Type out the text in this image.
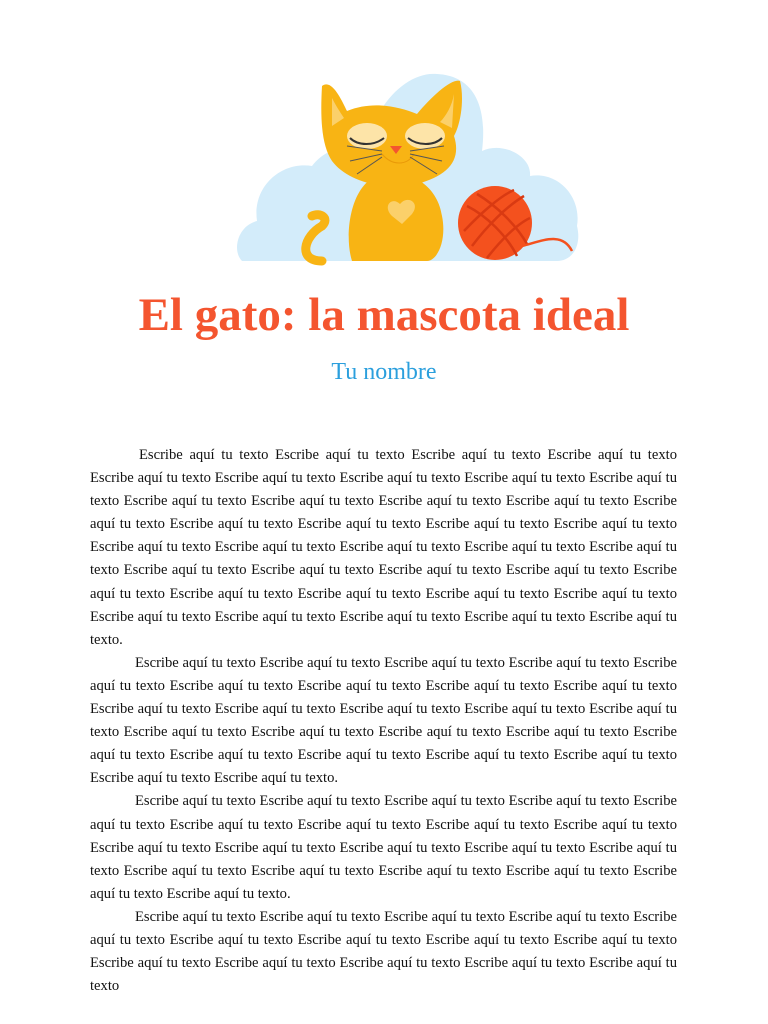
El gato: la mascota ideal
Tu nombre

Escribe aquí tu texto Escribe aquí tu texto Escribe aquí tu texto Escribe aquí tu texto Escribe aquí tu texto Escribe aquí tu texto Escribe aquí tu texto Escribe aquí tu texto Escribe aquí tu texto Escribe aquí tu texto Escribe aquí tu texto Escribe aquí tu texto Escribe aquí tu texto Escribe aquí tu texto Escribe aquí tu texto Escribe aquí tu texto Escribe aquí tu texto Escribe aquí tu texto Escribe aquí tu texto Escribe aquí tu texto Escribe aquí tu texto Escribe aquí tu texto Escribe aquí tu texto Escribe aquí tu texto Escribe aquí tu texto Escribe aquí tu texto Escribe aquí tu texto Escribe aquí tu texto Escribe aquí tu texto Escribe aquí tu texto Escribe aquí tu texto Escribe aquí tu texto Escribe aquí tu texto Escribe aquí tu texto Escribe aquí tu texto Escribe aquí tu texto Escribe aquí tu texto.

Escribe aquí tu texto Escribe aquí tu texto Escribe aquí tu texto Escribe aquí tu texto Escribe aquí tu texto Escribe aquí tu texto Escribe aquí tu texto Escribe aquí tu texto Escribe aquí tu texto Escribe aquí tu texto Escribe aquí tu texto Escribe aquí tu texto Escribe aquí tu texto Escribe aquí tu texto Escribe aquí tu texto Escribe aquí tu texto Escribe aquí tu texto Escribe aquí tu texto Escribe aquí tu texto Escribe aquí tu texto Escribe aquí tu texto Escribe aquí tu texto Escribe aquí tu texto Escribe aquí tu texto Escribe aquí tu texto.

Escribe aquí tu texto Escribe aquí tu texto Escribe aquí tu texto Escribe aquí tu texto Escribe aquí tu texto Escribe aquí tu texto Escribe aquí tu texto Escribe aquí tu texto Escribe aquí tu texto Escribe aquí tu texto Escribe aquí tu texto Escribe aquí tu texto Escribe aquí tu texto Escribe aquí tu texto Escribe aquí tu texto Escribe aquí tu texto Escribe aquí tu texto Escribe aquí tu texto Escribe aquí tu texto Escribe aquí tu texto.

Escribe aquí tu texto Escribe aquí tu texto Escribe aquí tu texto Escribe aquí tu texto Escribe aquí tu texto Escribe aquí tu texto Escribe aquí tu texto Escribe aquí tu texto Escribe aquí tu texto Escribe aquí tu texto Escribe aquí tu texto Escribe aquí tu texto Escribe aquí tu texto Escribe aquí tu texto
